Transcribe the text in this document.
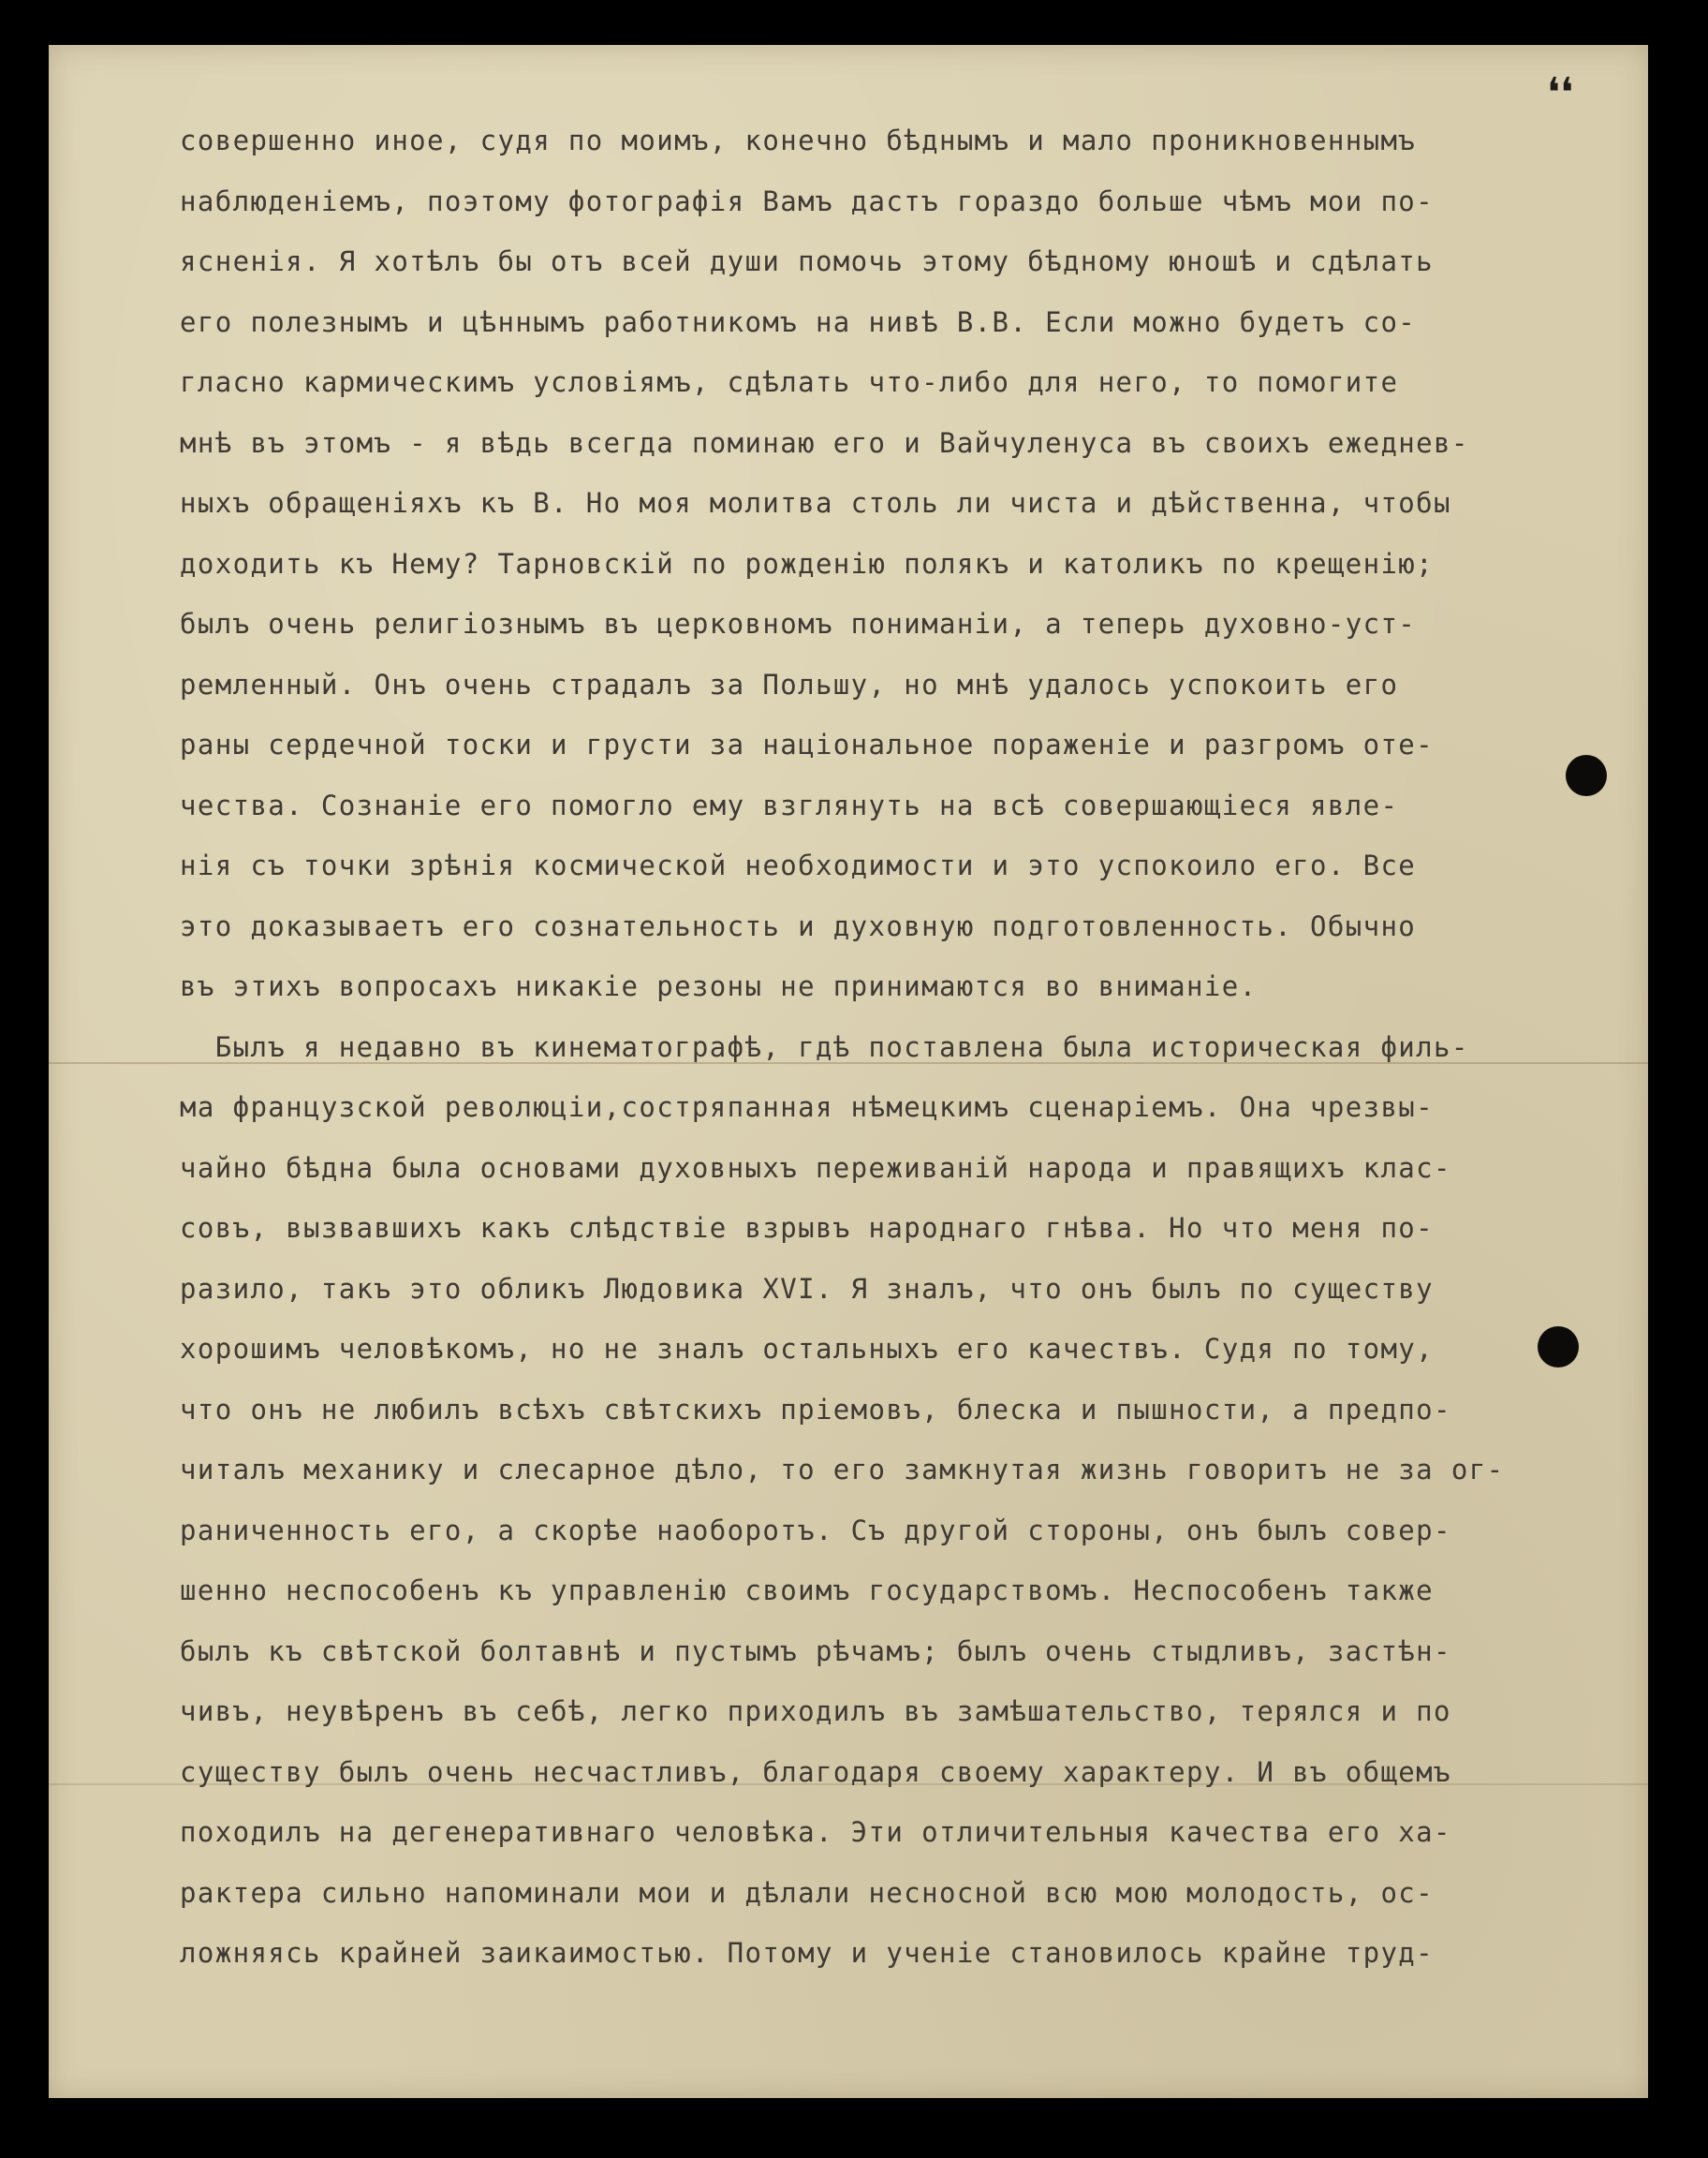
❛❛
совершенно иное, судя по моимъ, конечно бѣднымъ и мало проникновеннымъ
наблюденiемъ, поэтому фотографiя Вамъ дастъ гораздо больше чѣмъ мои по-
ясненiя. Я хотѣлъ бы отъ всей души помочь этому бѣдному юношѣ и сдѣлать
его полезнымъ и цѣннымъ работникомъ на нивѣ В.В. Если можно будетъ со-
гласно кармическимъ условiямъ, сдѣлать что-либо для него, то помогите
мнѣ въ этомъ - я вѣдь всегда поминаю его и Вайчуленуса въ своихъ ежеднев-
ныхъ обращенiяхъ къ В. Но моя молитва столь ли чиста и дѣйственна, чтобы
доходить къ Нему? Тарновскiй по рожденiю полякъ и католикъ по крещенiю;
былъ очень религiознымъ въ церковномъ пониманiи, а теперь духовно-уст-
ремленный. Онъ очень страдалъ за Польшу, но мнѣ удалось успокоить его
раны сердечной тоски и грусти за нацiональное пораженiе и разгромъ оте-
чества. Сознанiе его помогло ему взглянуть на всѣ совершающiеся явле-
нiя съ точки зрѣнiя космической необходимости и это успокоило его. Все
это доказываетъ его сознательность и духовную подготовленность. Обычно
въ этихъ вопросахъ никакiе резоны не принимаются во вниманiе.
Былъ я недавно въ кинематографѣ, гдѣ поставлена была историческая филь-
ма французской революцiи,состряпанная нѣмецкимъ сценарiемъ. Она чрезвы-
чайно бѣдна была основами духовныхъ переживанiй народа и правящихъ клас-
совъ, вызвавшихъ какъ слѣдствiе взрывъ народнаго гнѣва. Но что меня по-
разило, такъ это обликъ Людовика XVI. Я зналъ, что онъ былъ по существу
хорошимъ человѣкомъ, но не зналъ остальныхъ его качествъ. Судя по тому,
что онъ не любилъ всѣхъ свѣтскихъ прiемовъ, блеска и пышности, а предпо-
читалъ механику и слесарное дѣло, то его замкнутая жизнь говоритъ не за ог-
раниченность его, а скорѣе наоборотъ. Съ другой стороны, онъ былъ совер-
шенно неспособенъ къ управленiю своимъ государствомъ. Неспособенъ также
былъ къ свѣтской болтавнѣ и пустымъ рѣчамъ; былъ очень стыдливъ, застѣн-
чивъ, неувѣренъ въ себѣ, легко приходилъ въ замѣшательство, терялся и по
существу былъ очень несчастливъ, благодаря своему характеру. И въ общемъ
походилъ на дегенеративнаго человѣка. Эти отличительныя качества его ха-
рактера сильно напоминали мои и дѣлали несносной всю мою молодость, ос-
ложняясь крайней заикаимостью. Потому и ученiе становилось крайне труд-
